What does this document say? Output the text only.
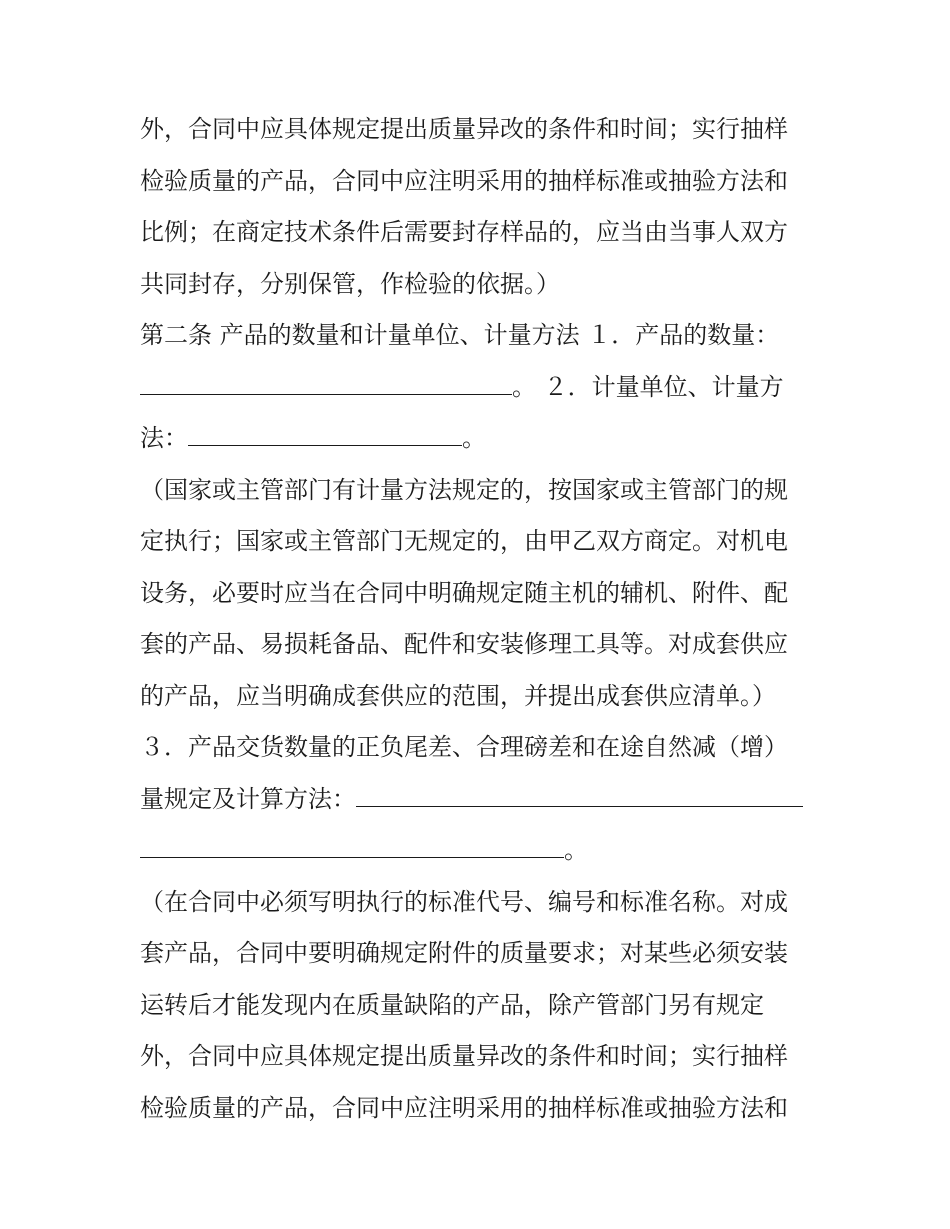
外，合同中应具体规定提出质量异改的条件和时间；实行抽样
检验质量的产品，合同中应注明采用的抽样标准或抽验方法和
比例；在商定技术条件后需要封存样品的，应当由当事人双方
共同封存，分别保管，作检验的依据。）
第二条 产品的数量和计量单位、计量方法 １．产品的数量：
。 ２．计量单位、计量方
法：	。
（国家或主管部门有计量方法规定的，按国家或主管部门的规
定执行；国家或主管部门无规定的，由甲乙双方商定。对机电
设务，必要时应当在合同中明确规定随主机的辅机、附件、配
套的产品、易损耗备品、配件和安装修理工具等。对成套供应
的产品，应当明确成套供应的范围，并提出成套供应清单。）
３．产品交货数量的正负尾差、合理磅差和在途自然减（增）
量规定及计算方法：
。
（在合同中必须写明执行的标准代号、编号和标准名称。对成
套产品，合同中要明确规定附件的质量要求；对某些必须安装
运转后才能发现内在质量缺陷的产品，除产管部门另有规定
外，合同中应具体规定提出质量异改的条件和时间；实行抽样
检验质量的产品，合同中应注明采用的抽样标准或抽验方法和
